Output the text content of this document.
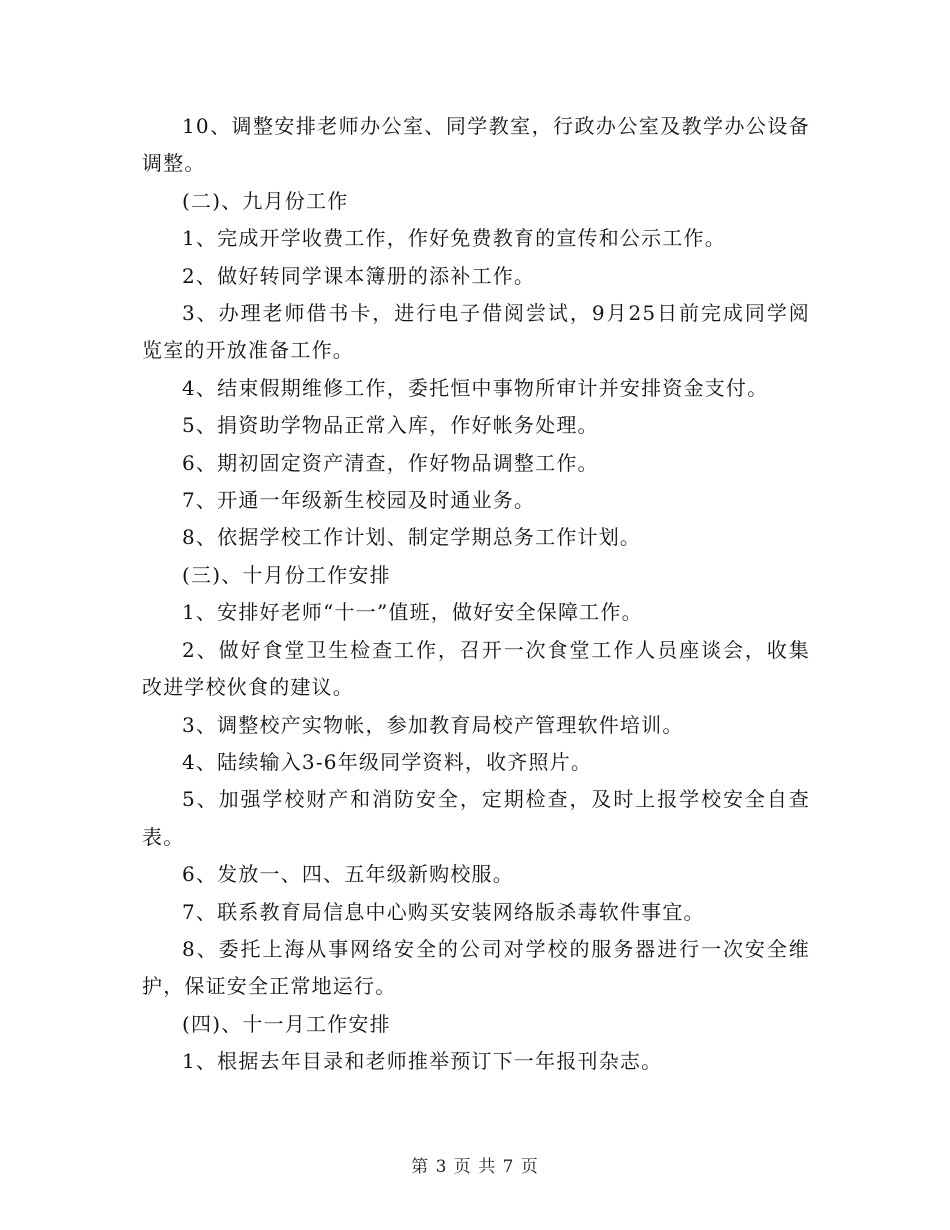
10、调整安排老师办公室、同学教室，行政办公室及教学办公设备调整。

(二)、九月份工作

1、完成开学收费工作，作好免费教育的宣传和公示工作。

2、做好转同学课本簿册的添补工作。

3、办理老师借书卡，进行电子借阅尝试，9月25日前完成同学阅览室的开放准备工作。

4、结束假期维修工作，委托恒中事物所审计并安排资金支付。

5、捐资助学物品正常入库，作好帐务处理。

6、期初固定资产清查，作好物品调整工作。

7、开通一年级新生校园及时通业务。

8、依据学校工作计划、制定学期总务工作计划。

(三)、十月份工作安排

1、安排好老师“十一”值班，做好安全保障工作。

2、做好食堂卫生检查工作，召开一次食堂工作人员座谈会，收集改进学校伙食的建议。

3、调整校产实物帐，参加教育局校产管理软件培训。

4、陆续输入3-6年级同学资料，收齐照片。

5、加强学校财产和消防安全，定期检查，及时上报学校安全自查表。

6、发放一、四、五年级新购校服。

7、联系教育局信息中心购买安装网络版杀毒软件事宜。

8、委托上海从事网络安全的公司对学校的服务器进行一次安全维护，保证安全正常地运行。

(四)、十一月工作安排

1、根据去年目录和老师推举预订下一年报刊杂志。

第 3 页 共 7 页
